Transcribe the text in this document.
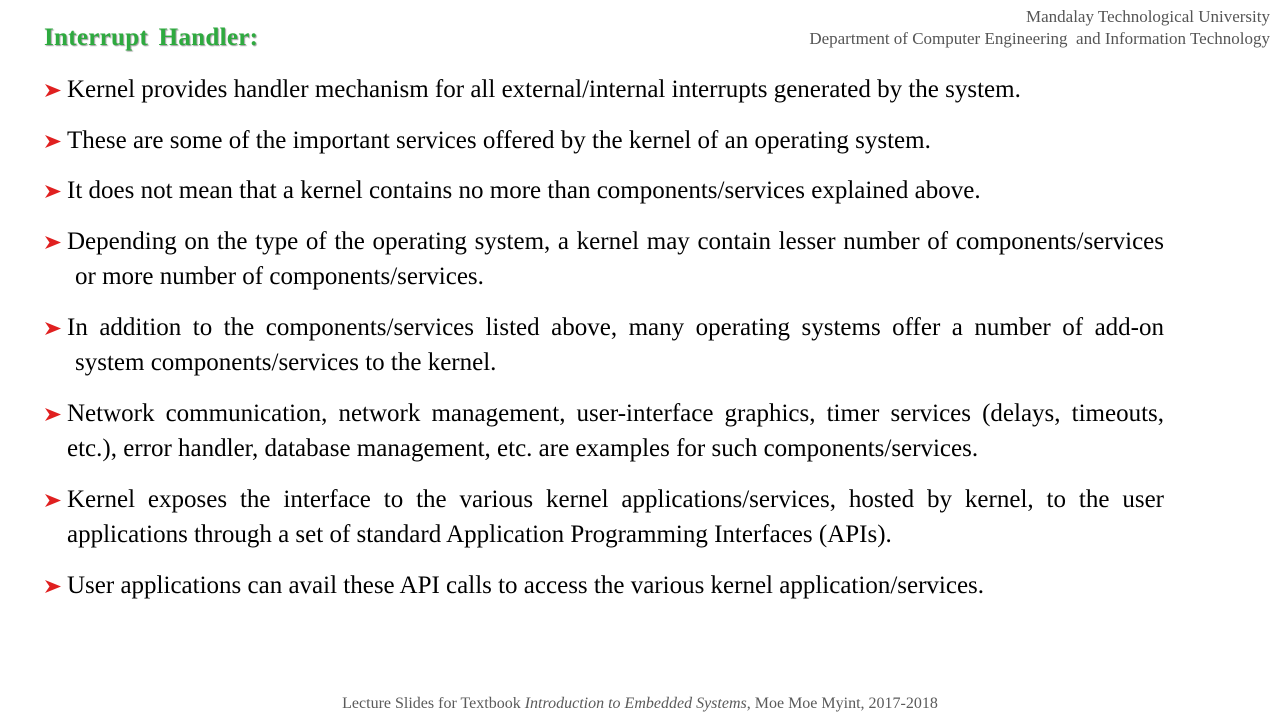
Interrupt Handler:
Mandalay Technological University
Department of Computer Engineering  and Information Technology
Kernel provides handler mechanism for all external/internal interrupts generated by the system.
These are some of the important services offered by the kernel of an operating system.
It does not mean that a kernel contains no more than components/services explained above.
Depending on the type of the operating system, a kernel may contain lesser number of components/services or more number of components/services.
In addition to the components/services listed above, many operating systems offer a number of add-on system components/services to the kernel.
Network communication, network management, user-interface graphics, timer services (delays, timeouts, etc.), error handler, database management, etc. are examples for such components/services.
Kernel exposes the interface to the various kernel applications/services, hosted by kernel, to the user applications through a set of standard Application Programming Interfaces (APIs).
User applications can avail these API calls to access the various kernel application/services.
Lecture Slides for Textbook Introduction to Embedded Systems, Moe Moe Myint, 2017-2018
